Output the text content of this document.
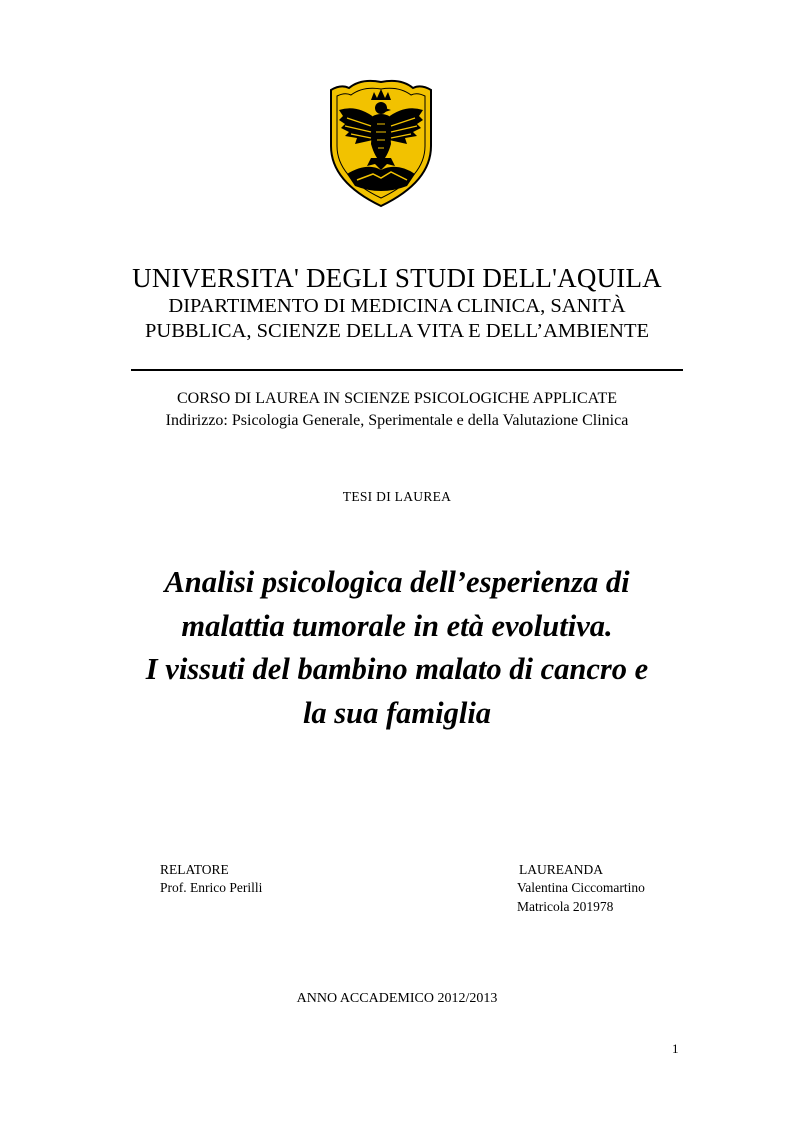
UNIVERSITA' DEGLI STUDI DELL'AQUILA
DIPARTIMENTO DI MEDICINA CLINICA, SANITÀ
PUBBLICA, SCIENZE DELLA VITA E DELL’AMBIENTE
CORSO DI LAUREA IN SCIENZE PSICOLOGICHE APPLICATE
Indirizzo: Psicologia Generale, Sperimentale e della Valutazione Clinica
TESI DI LAUREA
Analisi psicologica dell’esperienza di
malattia tumorale in età evolutiva.
I vissuti del bambino malato di cancro e
la sua famiglia
RELATORE
Prof. Enrico Perilli
LAUREANDA
Valentina Ciccomartino
Matricola 201978
ANNO ACCADEMICO 2012/2013
1
